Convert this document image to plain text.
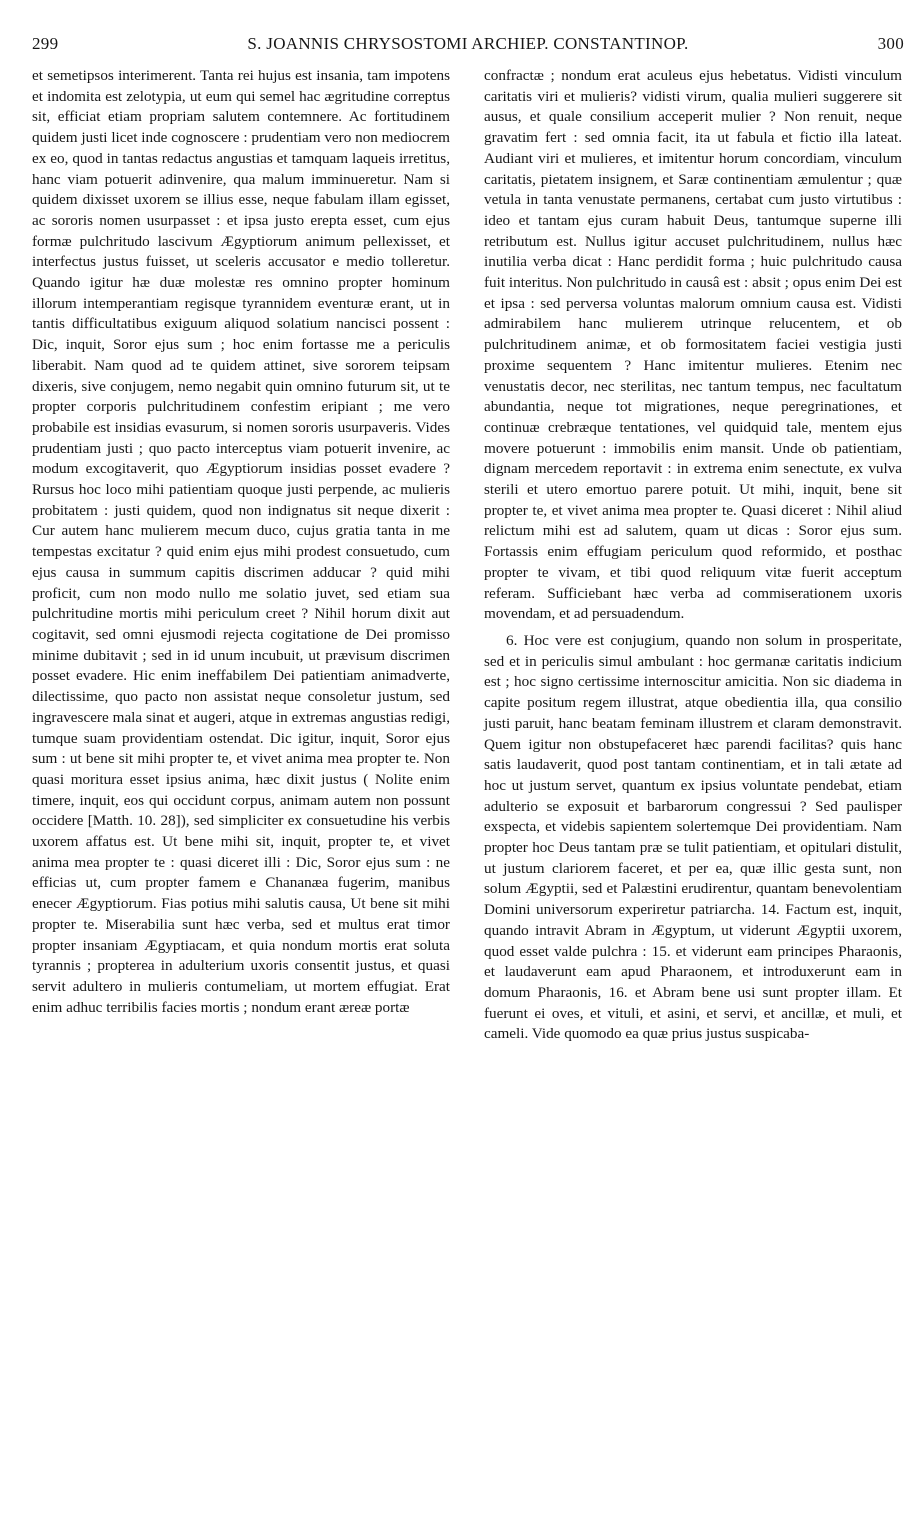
299	S. JOANNIS CHRYSOSTOMI ARCHIEP. CONSTANTINOP.	300

et semetipsos interimerent. Tanta rei hujus est insania, tam impotens et indomita est zelotypia, ut eum qui semel hac ægritudine correptus sit, efficiat etiam propriam salutem contemnere. Ac fortitudinem quidem justi licet inde cognoscere : prudentiam vero non mediocrem ex eo, quod in tantas redactus angustias et tamquam laqueis irretitus, hanc viam potuerit adinvenire, qua malum imminueretur. Nam si quidem dixisset uxorem se illius esse, neque fabulam illam egisset, ac sororis nomen usurpasset : et ipsa justo erepta esset, cum ejus formæ pulchritudo lascivum Ægyptiorum animum pellexisset, et interfectus justus fuisset, ut sceleris accusator e medio tolleretur. Quando igitur hæ duæ molestæ res omnino propter hominum illorum intemperantiam regisque tyrannidem eventuræ erant, ut in tantis difficultatibus exiguum aliquod solatium nancisci possent : Dic, inquit, Soror ejus sum ; hoc enim fortasse me a periculis liberabit. Nam quod ad te quidem attinet, sive sororem teipsam dixeris, sive conjugem, nemo negabit quin omnino futurum sit, ut te propter corporis pulchritudinem confestim eripiant ; me vero probabile est insidias evasurum, si nomen sororis usurpaveris. Vides prudentiam justi ; quo pacto interceptus viam potuerit invenire, ac modum excogitaverit, quo Ægyptiorum insidias posset evadere ? Rursus hoc loco mihi patientiam quoque justi perpende, ac mulieris probitatem : justi quidem, quod non indignatus sit neque dixerit : Cur autem hanc mulierem mecum duco, cujus gratia tanta in me tempestas excitatur ? quid enim ejus mihi prodest consuetudo, cum ejus causa in summum capitis discrimen adducar ? quid mihi proficit, cum non modo nullo me solatio juvet, sed etiam sua pulchritudine mortis mihi periculum creet ? Nihil horum dixit aut cogitavit, sed omni ejusmodi rejecta cogitatione de Dei promisso minime dubitavit ; sed in id unum incubuit, ut prævisum discrimen posset evadere. Hic enim ineffabilem Dei patientiam animadverte, dilectissime, quo pacto non assistat neque consoletur justum, sed ingravescere mala sinat et augeri, atque in extremas angustias redigi, tumque suam providentiam ostendat. Dic igitur, inquit, Soror ejus sum : ut bene sit mihi propter te, et vivet anima mea propter te. Non quasi moritura esset ipsius anima, hæc dixit justus ( Nolite enim timere, inquit, eos qui occidunt corpus, animam autem non possunt occidere [Matth. 10. 28]), sed simpliciter ex consuetudine his verbis uxorem affatus est. Ut bene mihi sit, inquit, propter te, et vivet anima mea propter te : quasi diceret illi : Dic, Soror ejus sum : ne efficias ut, cum propter famem e Chananæa fugerim, manibus enecer Ægyptiorum. Fias potius mihi salutis causa, Ut bene sit mihi propter te. Miserabilia sunt hæc verba, sed et multus erat timor propter insaniam Ægyptiacam, et quia nondum mortis erat soluta tyrannis ; propterea in adulterium uxoris consentit justus, et quasi servit adultero in mulieris contumeliam, ut mortem effugiat. Erat enim adhuc terribilis facies mortis ; nondum erant æreæ portæ

confractæ ; nondum erat aculeus ejus hebetatus. Vidisti vinculum caritatis viri et mulieris? vidisti virum, qualia mulieri suggerere sit ausus, et quale consilium acceperit mulier ? Non renuit, neque gravatim fert : sed omnia facit, ita ut fabula et fictio illa lateat. Audiant viri et mulieres, et imitentur horum concordiam, vinculum caritatis, pietatem insignem, et Saræ continentiam æmulentur ; quæ vetula in tanta venustate permanens, certabat cum justo virtutibus : ideo et tantam ejus curam habuit Deus, tantumque superne illi retributum est. Nullus igitur accuset pulchritudinem, nullus hæc inutilia verba dicat : Hanc perdidit forma ; huic pulchritudo causa fuit interitus. Non pulchritudo in causâ est : absit ; opus enim Dei est et ipsa : sed perversa voluntas malorum omnium causa est. Vidisti admirabilem hanc mulierem utrinque relucentem, et ob pulchritudinem animæ, et ob formositatem faciei vestigia justi proxime sequentem ? Hanc imitentur mulieres. Etenim nec venustatis decor, nec sterilitas, nec tantum tempus, nec facultatum abundantia, neque tot migrationes, neque peregrinationes, et continuæ crebræque tentationes, vel quidquid tale, mentem ejus movere potuerunt : immobilis enim mansit. Unde ob patientiam, dignam mercedem reportavit : in extrema enim senectute, ex vulva sterili et utero emortuo parere potuit. Ut mihi, inquit, bene sit propter te, et vivet anima mea propter te. Quasi diceret : Nihil aliud relictum mihi est ad salutem, quam ut dicas : Soror ejus sum. Fortassis enim effugiam periculum quod reformido, et posthac propter te vivam, et tibi quod reliquum vitæ fuerit acceptum referam. Sufficiebant hæc verba ad commiserationem uxoris movendam, et ad persuadendum.

6. Hoc vere est conjugium, quando non solum in prosperitate, sed et in periculis simul ambulant : hoc germanæ caritatis indicium est ; hoc signo certissime internoscitur amicitia. Non sic diadema in capite positum regem illustrat, atque obedientia illa, qua consilio justi paruit, hanc beatam feminam illustrem et claram demonstravit. Quem igitur non obstupefaceret hæc parendi facilitas? quis hanc satis laudaverit, quod post tantam continentiam, et in tali ætate ad hoc ut justum servet, quantum ex ipsius voluntate pendebat, etiam adulterio se exposuit et barbarorum congressui ? Sed paulisper exspecta, et videbis sapientem solertemque Dei providentiam. Nam propter hoc Deus tantam præ se tulit patientiam, et opitulari distulit, ut justum clariorem faceret, et per ea, quæ illic gesta sunt, non solum Ægyptii, sed et Palæstini erudirentur, quantam benevolentiam Domini universorum experiretur patriarcha. 14. Factum est, inquit, quando intravit Abram in Ægyptum, ut viderunt Ægyptii uxorem, quod esset valde pulchra : 15. et viderunt eam principes Pharaonis, et laudaverunt eam apud Pharaonem, et introduxerunt eam in domum Pharaonis, 16. et Abram bene usi sunt propter illam. Et fuerunt ei oves, et vituli, et asini, et servi, et ancillæ, et muli, et cameli. Vide quomodo ea quæ prius justus suspicaba-
